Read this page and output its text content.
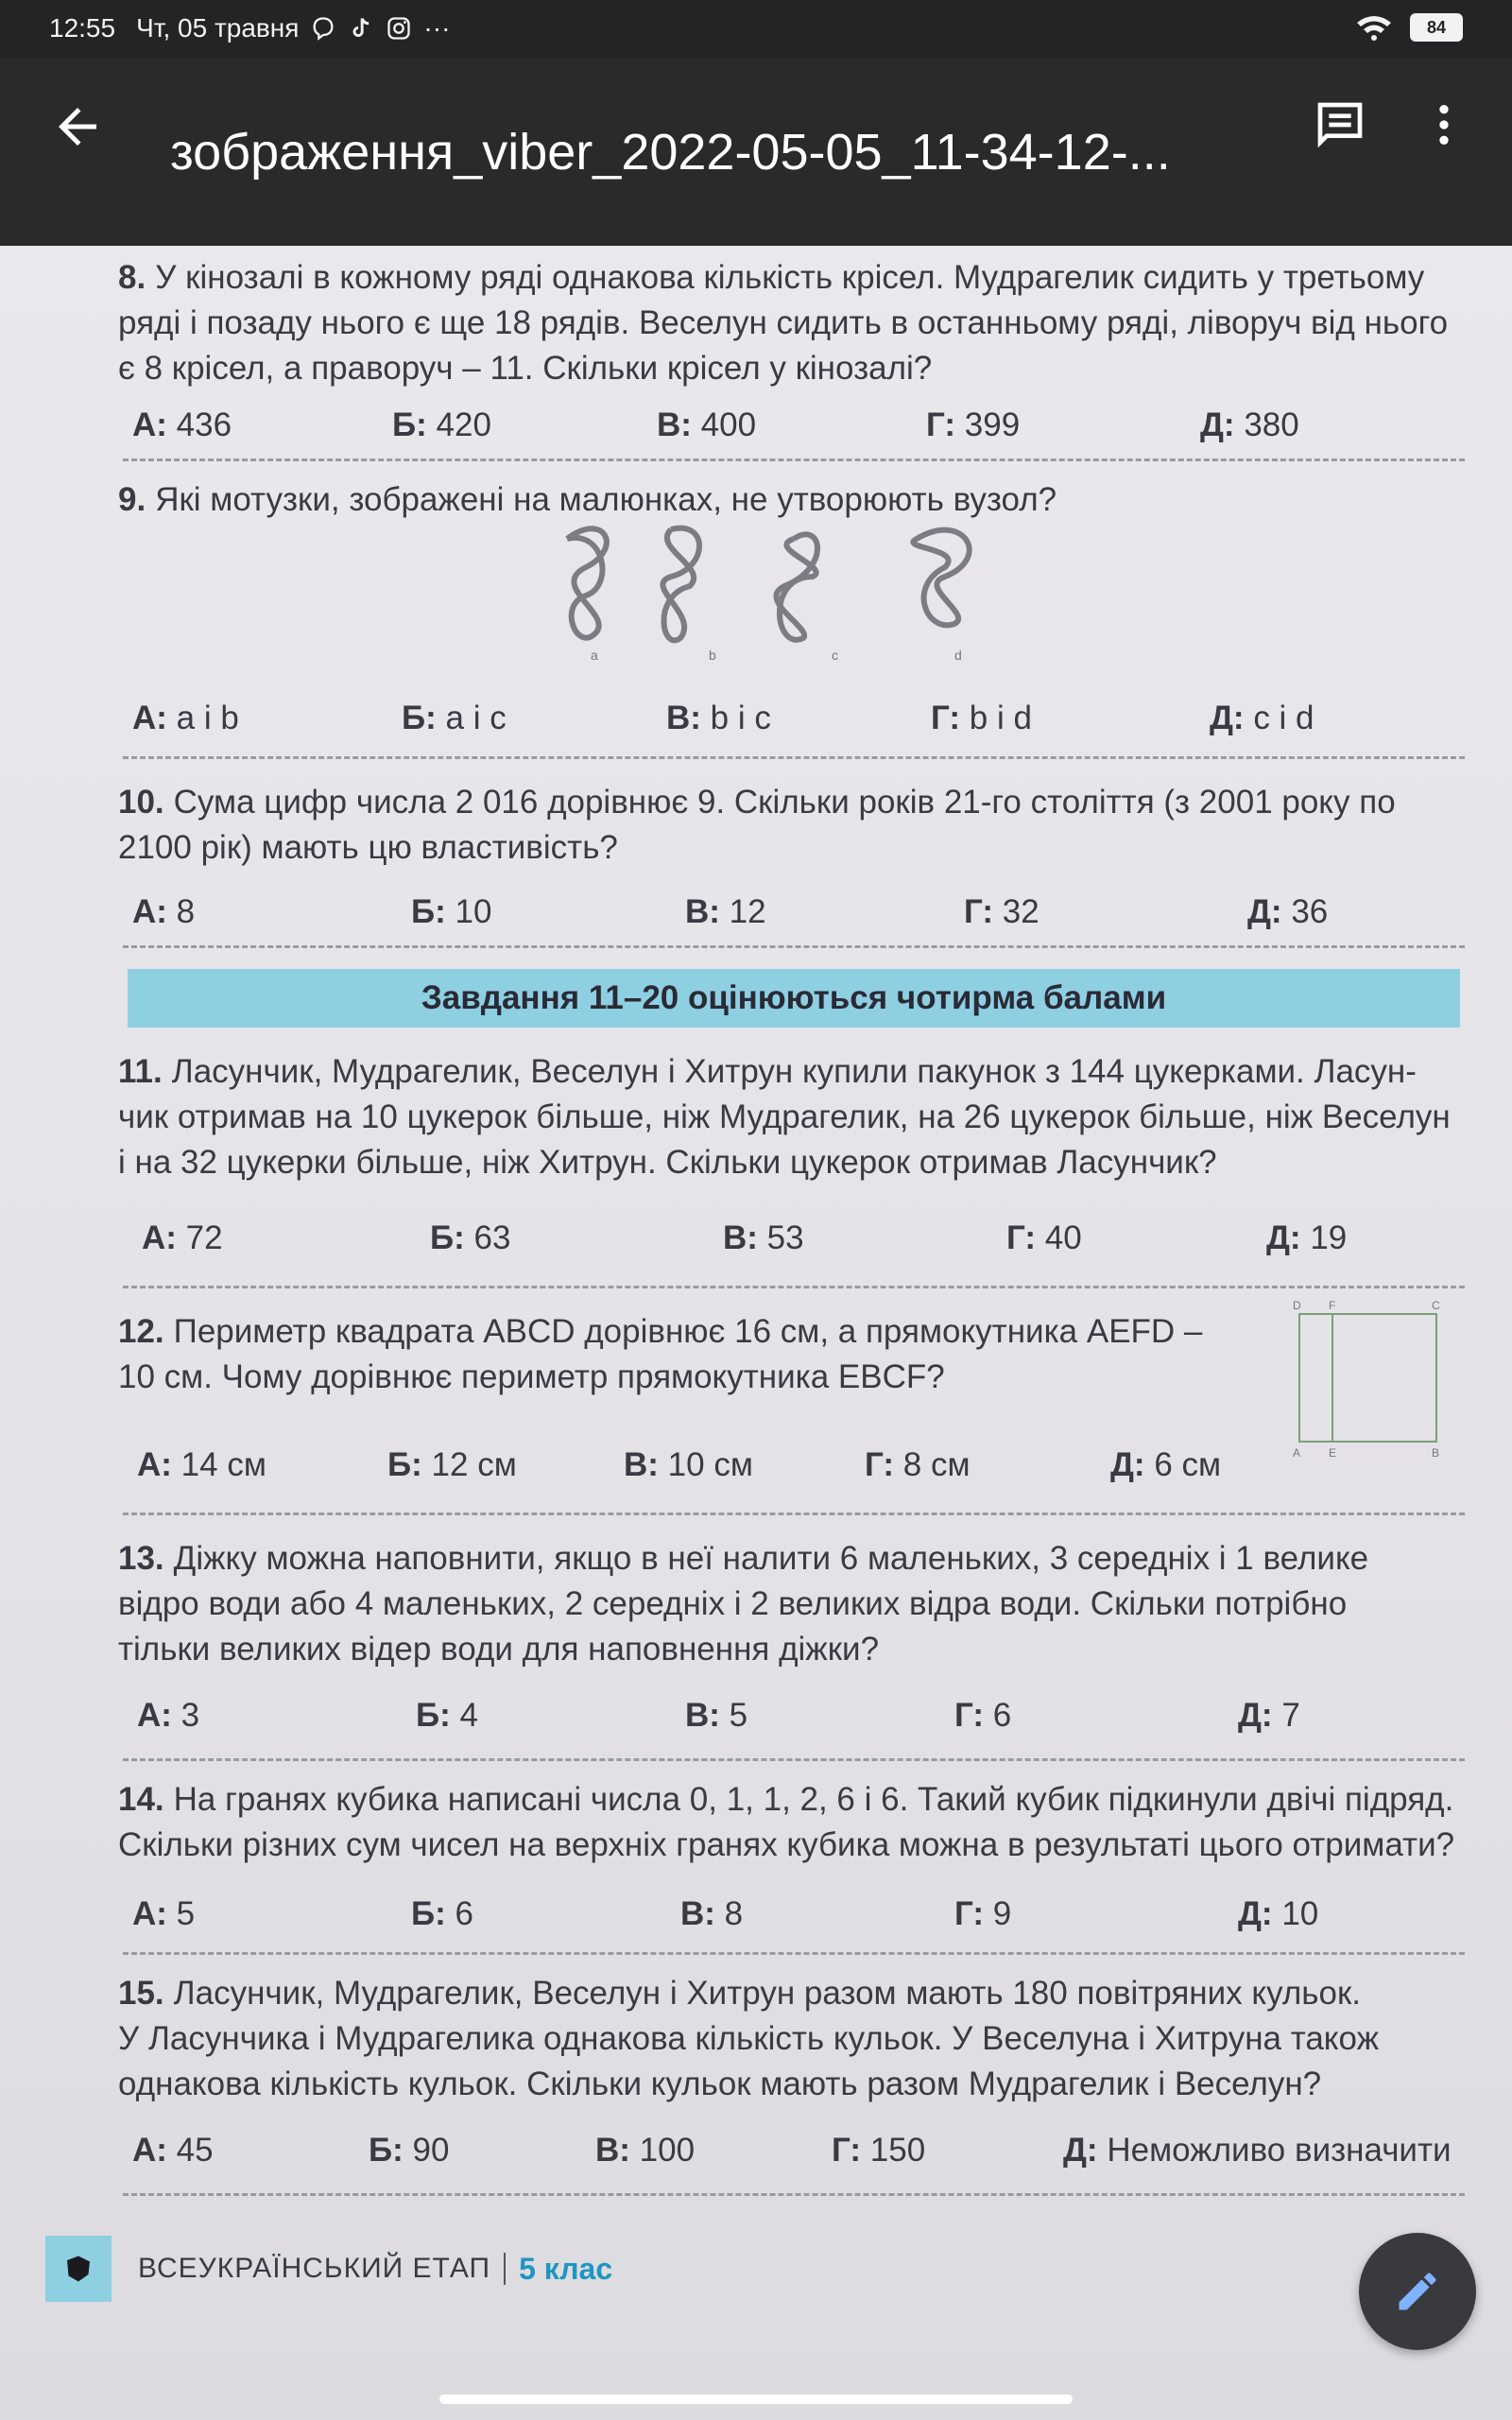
12:55 Чт, 05 травня	···	84
зображення_viber_2022-05-05_11-34-12-...
8. У кінозалі в кожному ряді однакова кількість крісел. Мудрагелик сидить у третьому
ряді і позаду нього є ще 18 рядів. Веселун сидить в останньому ряді, ліворуч від нього
є 8 крісел, а праворуч – 11. Скільки крісел у кінозалі?
А: 436	Б: 420	В: 400	Г: 399	Д: 380
9. Які мотузки, зображені на малюнках, не утворюють вузол?
a	b	c	d
А: a і b	Б: a і c	В: b і c	Г: b і d	Д: c і d
10. Сума цифр числа 2 016 дорівнює 9. Скільки років 21-го століття (з 2001 року по
2100 рік) мають цю властивість?
А: 8	Б: 10	В: 12	Г: 32	Д: 36
Завдання 11–20 оцінюються чотирма балами
11. Ласунчик, Мудрагелик, Веселун і Хитрун купили пакунок з 144 цукерками. Ласун-
чик отримав на 10 цукерок більше, ніж Мудрагелик, на 26 цукерок більше, ніж Веселун
і на 32 цукерки більше, ніж Хитрун. Скільки цукерок отримав Ласунчик?
А: 72	Б: 63	В: 53	Г: 40	Д: 19
12. Периметр квадрата ABCD дорівнює 16 см, а прямокутника AEFD –
10 см. Чому дорівнює периметр прямокутника EBCF?
D F	C
A E	B
А: 14 см	Б: 12 см	В: 10 см	Г: 8 см	Д: 6 см
13. Діжку можна наповнити, якщо в неї налити 6 маленьких, 3 середніх і 1 велике
відро води або 4 маленьких, 2 середніх і 2 великих відра води. Скільки потрібно
тільки великих відер води для наповнення діжки?
А: 3	Б: 4	В: 5	Г: 6	Д: 7
14. На гранях кубика написані числа 0, 1, 1, 2, 6 і 6. Такий кубик підкинули двічі підряд.
Скільки різних сум чисел на верхніх гранях кубика можна в результаті цього отримати?
А: 5	Б: 6	В: 8	Г: 9	Д: 10
15. Ласунчик, Мудрагелик, Веселун і Хитрун разом мають 180 повітряних кульок.
У Ласунчика і Мудрагелика однакова кількість кульок. У Веселуна і Хитруна також
однакова кількість кульок. Скільки кульок мають разом Мудрагелик і Веселун?
А: 45	Б: 90	В: 100	Г: 150	Д: Неможливо визначити
ВСЕУКРАЇНСЬКИЙ ЕТАП 5 клас
